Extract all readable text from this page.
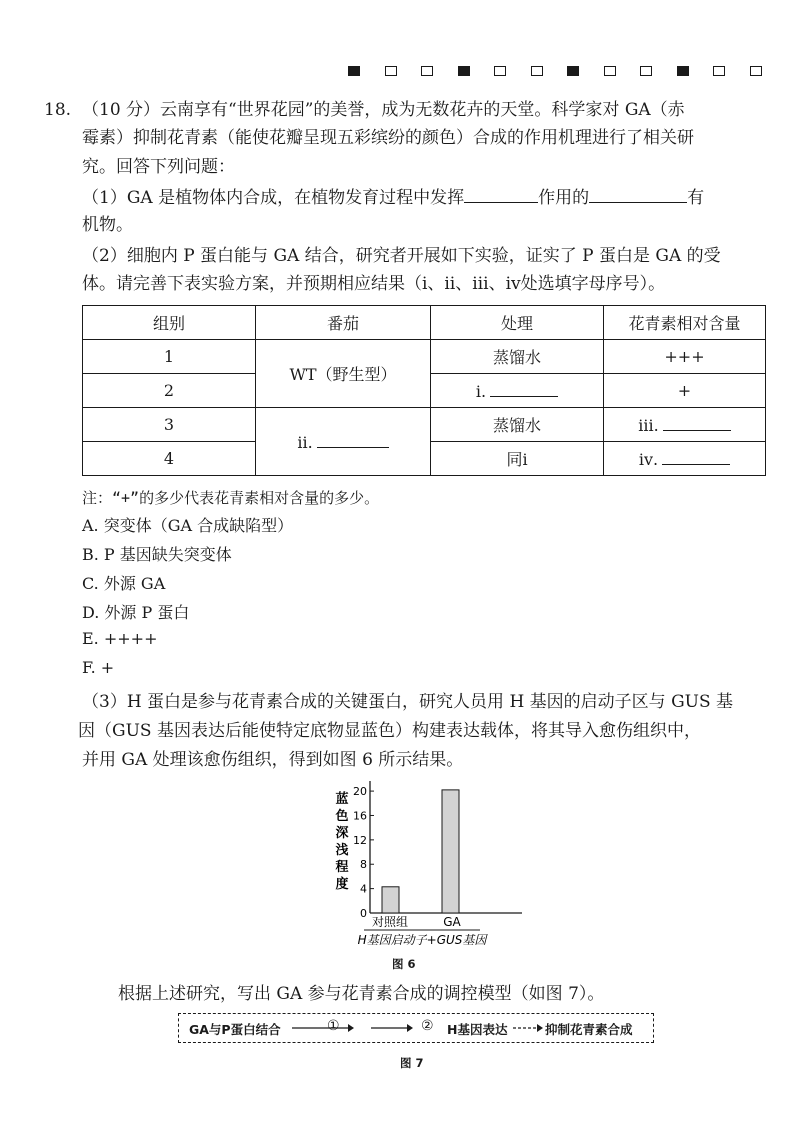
18. （10 分）云南享有“世界花园”的美誉，成为无数花卉的天堂。科学家对 GA（赤
霉素）抑制花青素（能使花瓣呈现五彩缤纷的颜色）合成的作用机理进行了相关研
究。回答下列问题：
（1）GA 是植物体内合成，在植物发育过程中发挥	作用的	有
机物。
（2）细胞内 P 蛋白能与 GA 结合，研究者开展如下实验，证实了 P 蛋白是 GA 的受
体。请完善下表实验方案，并预期相应结果（ⅰ、ⅱ、ⅲ、ⅳ处选填字母序号）。
组别	番茄	处理	花青素相对含量
1	WT（野生型）	蒸馏水	+++
2		ⅰ.	+
3	ⅱ.	蒸馏水	ⅲ.
4		同ⅰ	ⅳ.
注：“+”的多少代表花青素相对含量的多少。
A. 突变体（GA 合成缺陷型）
B. P 基因缺失突变体
C. 外源 GA
D. 外源 P 蛋白
E. ++++
F. +
（3）H 蛋白是参与花青素合成的关键蛋白，研究人员用 H 基因的启动子区与 GUS 基
因（GUS 基因表达后能使特定底物显蓝色）构建表达载体，将其导入愈伤组织中，
并用 GA 处理该愈伤组织，得到如图 6 所示结果。
0
4
8
12
16
20
蓝
色
深
浅
程
度
对照组	GA
H基因启动子+GUS基因
图 6
根据上述研究，写出 GA 参与花青素合成的调控模型（如图 7）。
GA与P蛋白结合	①	② H基因表达	抑制花青素合成
图 7
